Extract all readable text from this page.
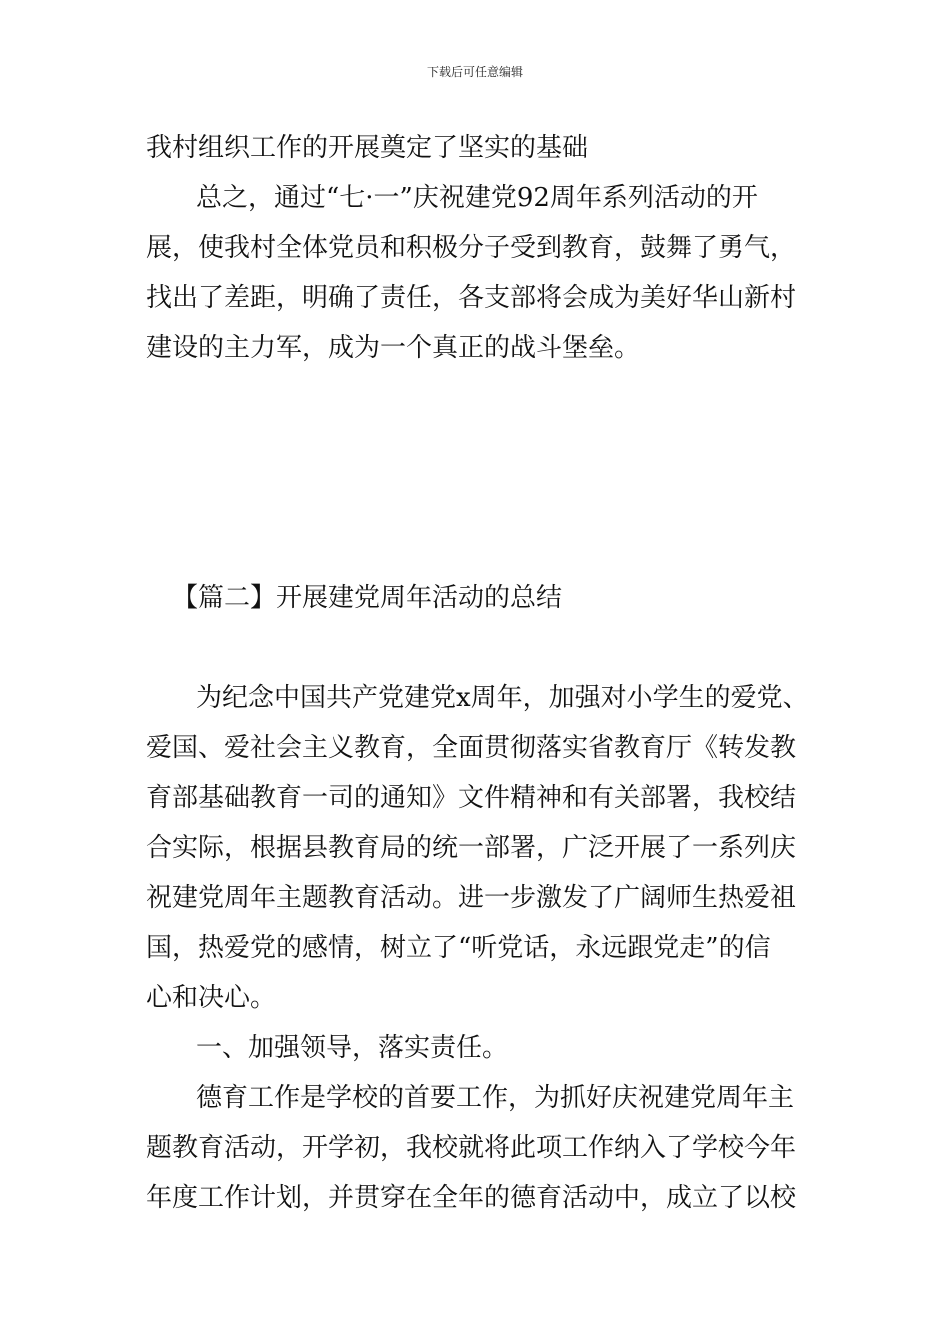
下载后可任意编辑
我村组织工作的开展奠定了坚实的基础
总之，通过“七·一”庆祝建党92周年系列活动的开
展，使我村全体党员和积极分子受到教育，鼓舞了勇气，
找出了差距，明确了责任，各支部将会成为美好华山新村
建设的主力军，成为一个真正的战斗堡垒。
【篇二】开展建党周年活动的总结
为纪念中国共产党建党x周年，加强对小学生的爱党、
爱国、爱社会主义教育，全面贯彻落实省教育厅《转发教
育部基础教育一司的通知》文件精神和有关部署，我校结
合实际，根据县教育局的统一部署，广泛开展了一系列庆
祝建党周年主题教育活动。进一步激发了广阔师生热爱祖
国，热爱党的感情，树立了“听党话，永远跟党走”的信
心和决心。
一、加强领导，落实责任。
德育工作是学校的首要工作，为抓好庆祝建党周年主
题教育活动，开学初，我校就将此项工作纳入了学校今年
年度工作计划，并贯穿在全年的德育活动中，成立了以校
